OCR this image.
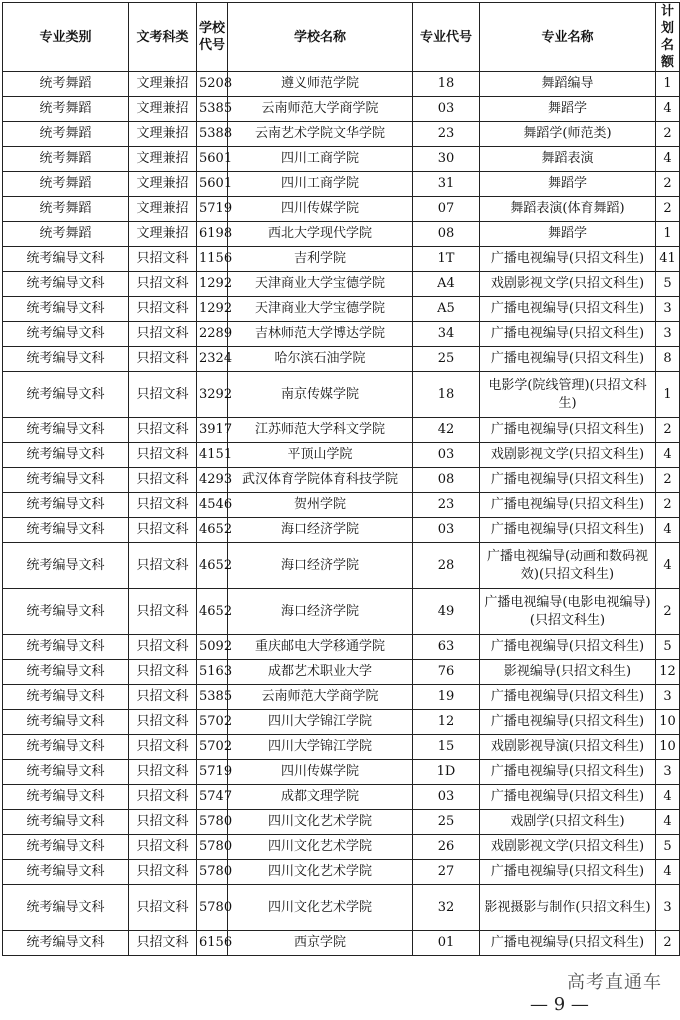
专业类别	文考科类	学校代号	学校名称	专业代号	专业名称	计划名额
统考舞蹈	文理兼招	5208	遵义师范学院	18	舞蹈编导	1
统考舞蹈	文理兼招	5385	云南师范大学商学院	03	舞蹈学	4
统考舞蹈	文理兼招	5388	云南艺术学院文华学院	23	舞蹈学(师范类)	2
统考舞蹈	文理兼招	5601	四川工商学院	30	舞蹈表演	4
统考舞蹈	文理兼招	5601	四川工商学院	31	舞蹈学	2
统考舞蹈	文理兼招	5719	四川传媒学院	07	舞蹈表演(体育舞蹈)	2
统考舞蹈	文理兼招	6198	西北大学现代学院	08	舞蹈学	1
统考编导文科	只招文科	1156	吉利学院	1T	广播电视编导(只招文科生)	41
统考编导文科	只招文科	1292	天津商业大学宝德学院	A4	戏剧影视文学(只招文科生)	5
统考编导文科	只招文科	1292	天津商业大学宝德学院	A5	广播电视编导(只招文科生)	3
统考编导文科	只招文科	2289	吉林师范大学博达学院	34	广播电视编导(只招文科生)	3
统考编导文科	只招文科	2324	哈尔滨石油学院	25	广播电视编导(只招文科生)	8
统考编导文科	只招文科	3292	南京传媒学院	18	电影学(院线管理)(只招文科生)	1
统考编导文科	只招文科	3917	江苏师范大学科文学院	42	广播电视编导(只招文科生)	2
统考编导文科	只招文科	4151	平顶山学院	03	戏剧影视文学(只招文科生)	4
统考编导文科	只招文科	4293	武汉体育学院体育科技学院	08	广播电视编导(只招文科生)	2
统考编导文科	只招文科	4546	贺州学院	23	广播电视编导(只招文科生)	2
统考编导文科	只招文科	4652	海口经济学院	03	广播电视编导(只招文科生)	4
统考编导文科	只招文科	4652	海口经济学院	28	广播电视编导(动画和数码视效)(只招文科生)	4
统考编导文科	只招文科	4652	海口经济学院	49	广播电视编导(电影电视编导)(只招文科生)	2
统考编导文科	只招文科	5092	重庆邮电大学移通学院	63	广播电视编导(只招文科生)	5
统考编导文科	只招文科	5163	成都艺术职业大学	76	影视编导(只招文科生)	12
统考编导文科	只招文科	5385	云南师范大学商学院	19	广播电视编导(只招文科生)	3
统考编导文科	只招文科	5702	四川大学锦江学院	12	广播电视编导(只招文科生)	10
统考编导文科	只招文科	5702	四川大学锦江学院	15	戏剧影视导演(只招文科生)	10
统考编导文科	只招文科	5719	四川传媒学院	1D	广播电视编导(只招文科生)	3
统考编导文科	只招文科	5747	成都文理学院	03	广播电视编导(只招文科生)	4
统考编导文科	只招文科	5780	四川文化艺术学院	25	戏剧学(只招文科生)	4
统考编导文科	只招文科	5780	四川文化艺术学院	26	戏剧影视文学(只招文科生)	5
统考编导文科	只招文科	5780	四川文化艺术学院	27	广播电视编导(只招文科生)	4
统考编导文科	只招文科	5780	四川文化艺术学院	32	影视摄影与制作(只招文科生)	3
统考编导文科	只招文科	6156	西京学院	01	广播电视编导(只招文科生)	2
高考直通车
— 9 —
